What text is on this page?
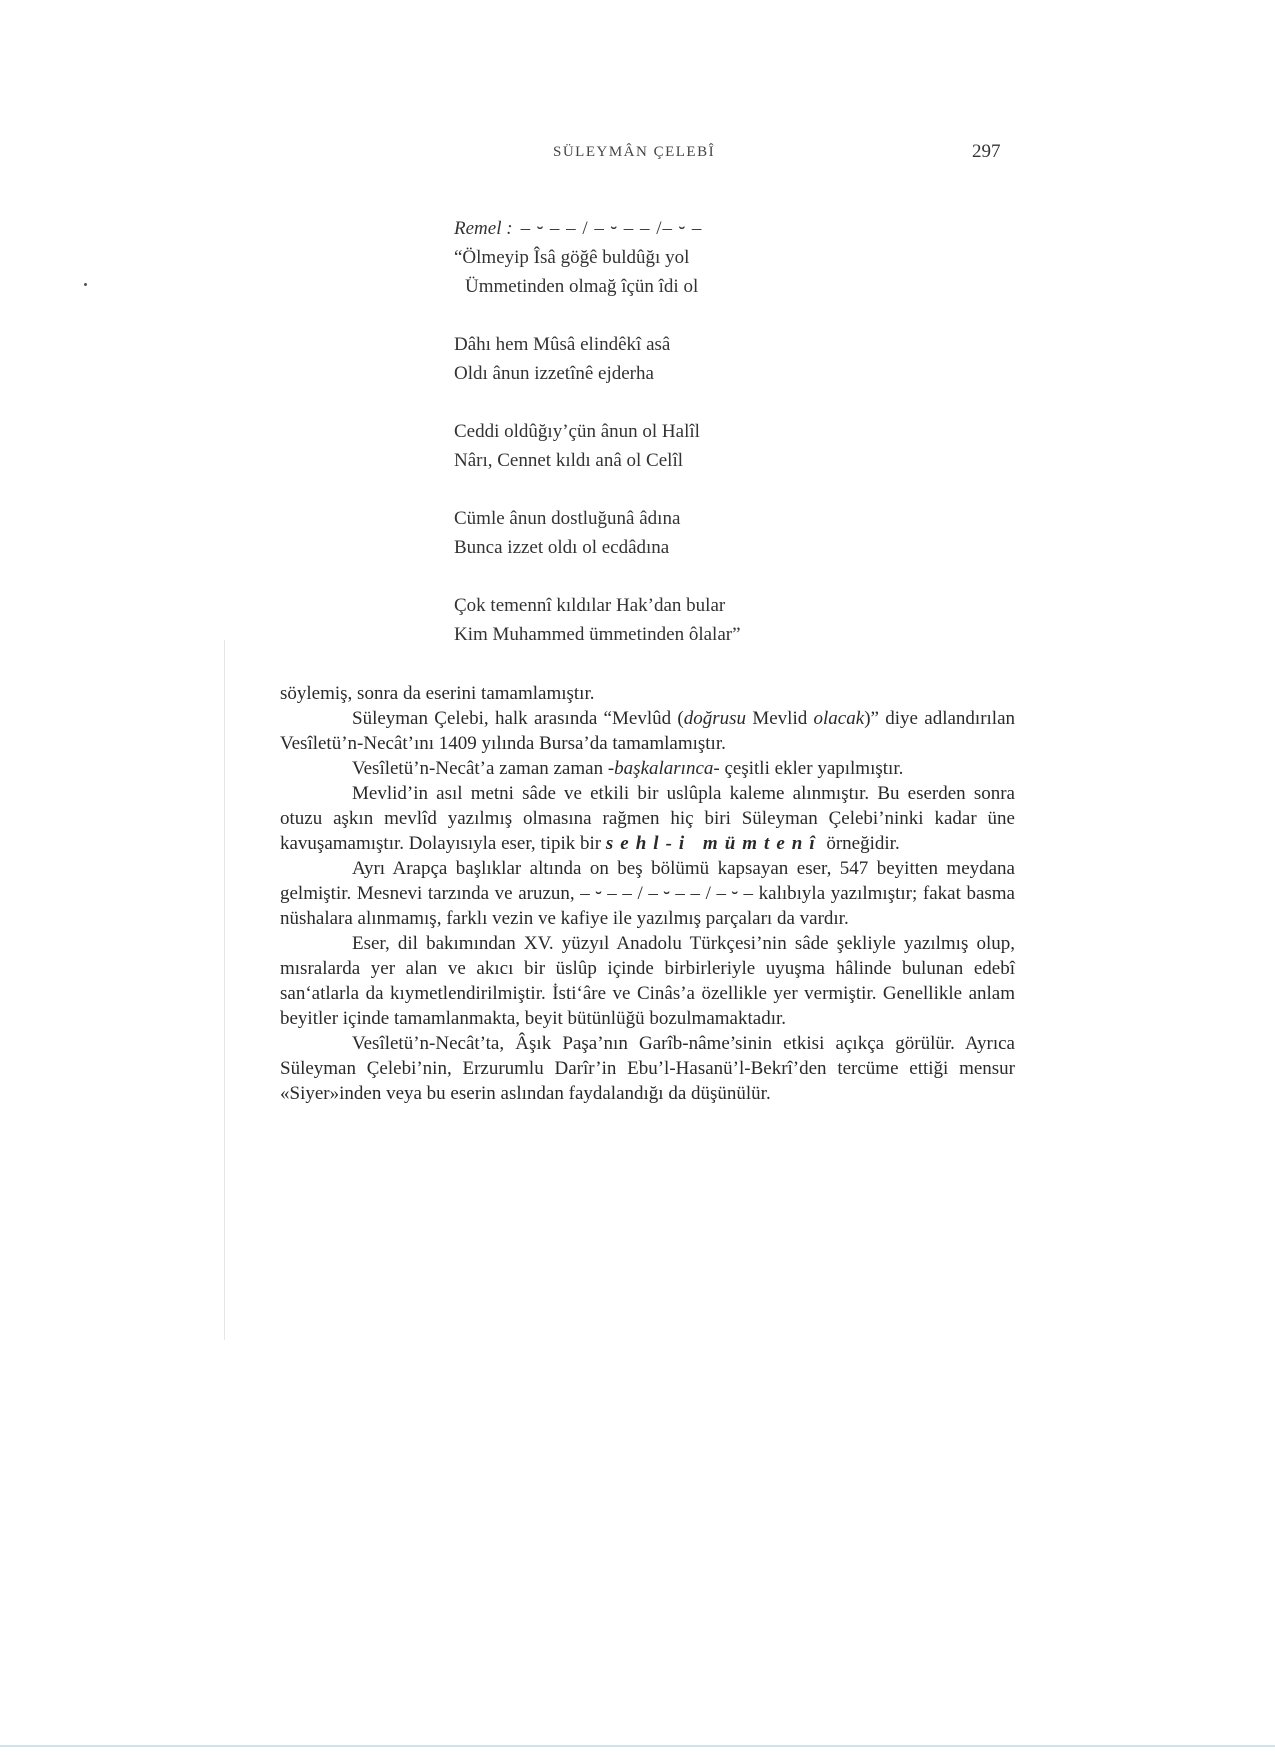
SÜLEYMÂN ÇELEBÎ	297
Remel : – ⏑ – – / – ⏑ – – /– ⏑ –
“Ölmeyip Îsâ göğê buldûğı yol
Ümmetinden olmağ îçün îdi ol
Dâhı hem Mûsâ elindêkî asâ
Oldı ânun izzetînê ejderha
Ceddi oldûğıy’çün ânun ol Halîl
Nârı, Cennet kıldı anâ ol Celîl
Cümle ânun dostluğunâ âdına
Bunca izzet oldı ol ecdâdına
Çok temennî kıldılar Hak’dan bular
Kim Muhammed ümmetinden ôlalar”

söylemiş, sonra da eserini tamamlamıştır.

Süleyman Çelebi, halk arasında “Mevlûd (doğrusu Mevlid olacak)” diye adlandırılan Vesîletü’n-Necât’ını 1409 yılında Bursa’da tamamlamıştır.

Vesîletü’n-Necât’a zaman zaman -başkalarınca- çeşitli ekler yapılmıştır.

Mevlid’in asıl metni sâde ve etkili bir uslûpla kaleme alınmıştır. Bu eserden sonra otuzu aşkın mevlîd yazılmış olmasına rağmen hiç biri Süleyman Çelebi’ninki kadar üne kavuşamamıştır. Dolayısıyla eser, tipik bir sehl-i mümtenî örneğidir.

Ayrı Arapça başlıklar altında on beş bölümü kapsayan eser, 547 beyitten meydana gelmiştir. Mesnevi tarzında ve aruzun, – ⏑ – – / – ⏑ – – / – ⏑ – kalıbıyla yazılmıştır; fakat basma nüshalara alınmamış, farklı vezin ve kafiye ile yazılmış parçaları da vardır.

Eser, dil bakımından XV. yüzyıl Anadolu Türkçesi’nin sâde şekliyle yazılmış olup, mısralarda yer alan ve akıcı bir üslûp içinde birbirleriyle uyuşma hâlinde bulunan edebî san‘atlarla da kıymetlendirilmiştir. İsti‘âre ve Cinâs’a özellikle yer vermiştir. Genellikle anlam beyitler içinde tamamlanmakta, beyit bütünlüğü bozulmamaktadır.

Vesîletü’n-Necât’ta, Âşık Paşa’nın Garîb-nâme’sinin etkisi açıkça görülür. Ayrıca Süleyman Çelebi’nin, Erzurumlu Darîr’in Ebu’l-Hasanü’l-Bekrî’den tercüme ettiği mensur «Siyer»inden veya bu eserin aslından faydalandığı da düşünülür.
